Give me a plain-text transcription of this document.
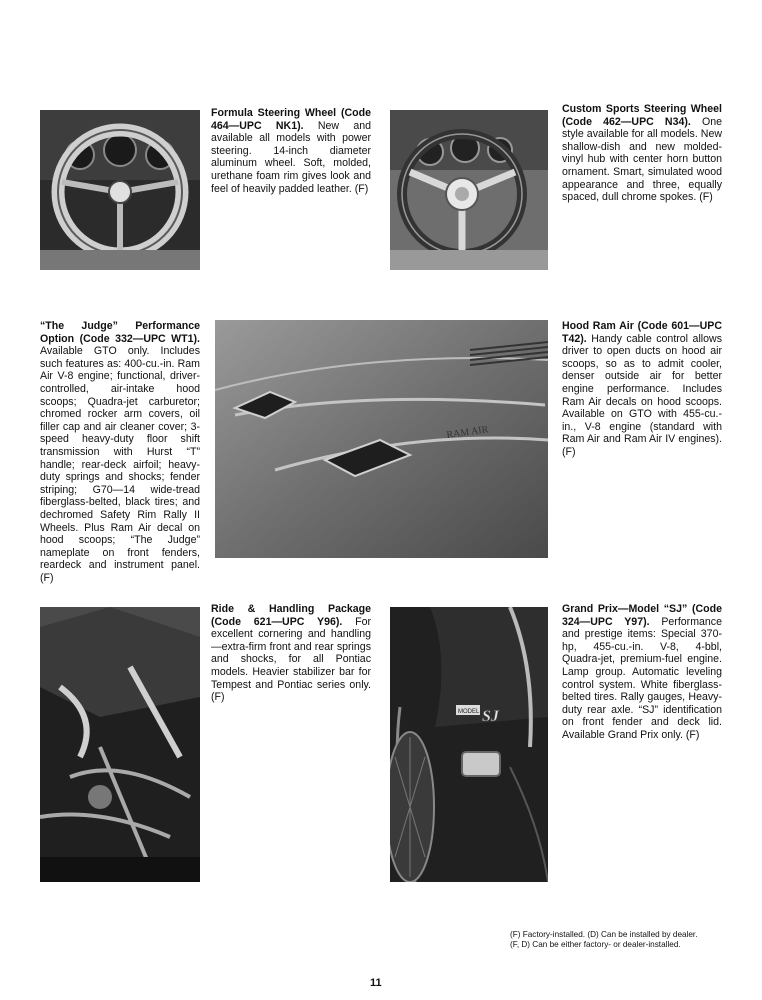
Formula Steering Wheel (Code 464—UPC NK1). New and available all models with power steering. 14-inch diameter aluminum wheel. Soft, molded, urethane foam rim gives look and feel of heavily padded leather. (F)

Custom Sports Steering Wheel (Code 462—UPC N34). One style available for all models. New shallow-dish and new molded-vinyl hub with center horn button ornament. Smart, simulated wood appearance and three, equally spaced, dull chrome spokes. (F)

“The Judge” Performance Option (Code 332—UPC WT1). Available GTO only. Includes such features as: 400-cu.-in. Ram Air V-8 engine; functional, driver-controlled, air-intake hood scoops; Quadra-jet carburetor; chromed rocker arm covers, oil filler cap and air cleaner cover; 3-speed heavy-duty floor shift transmission with Hurst “T” handle; rear-deck airfoil; heavy-duty springs and shocks; fender striping; G70—14 wide-tread fiberglass-belted, black tires; and dechromed Safety Rim Rally II Wheels. Plus Ram Air decal on hood scoops; “The Judge” nameplate on front fenders, reardeck and instrument panel. (F)

RAM AIR

Hood Ram Air (Code 601—UPC T42). Handy cable control allows driver to open ducts on hood air scoops, so as to admit cooler, denser outside air for better engine performance. Includes Ram Air decals on hood scoops. Available on GTO with 455-cu.-in., V-8 engine (standard with Ram Air and Ram Air IV engines). (F)

Ride & Handling Package (Code 621—UPC Y96). For excellent cornering and handling—extra-firm front and rear springs and shocks, for all Pontiac models. Heavier stabilizer bar for Tempest and Pontiac series only. (F)

MODEL SJ

Grand Prix—Model “SJ” (Code 324—UPC Y97). Performance and prestige items: Special 370-hp, 455-cu.-in. V-8, 4-bbl, Quadra-jet, premium-fuel engine. Lamp group. Automatic leveling control system. White fiberglass-belted tires. Rally gauges, Heavy-duty rear axle. “SJ” identification on front fender and deck lid. Available Grand Prix only. (F)

(F) Factory-installed. (D) Can be installed by dealer.
(F, D) Can be either factory- or dealer-installed.
11
